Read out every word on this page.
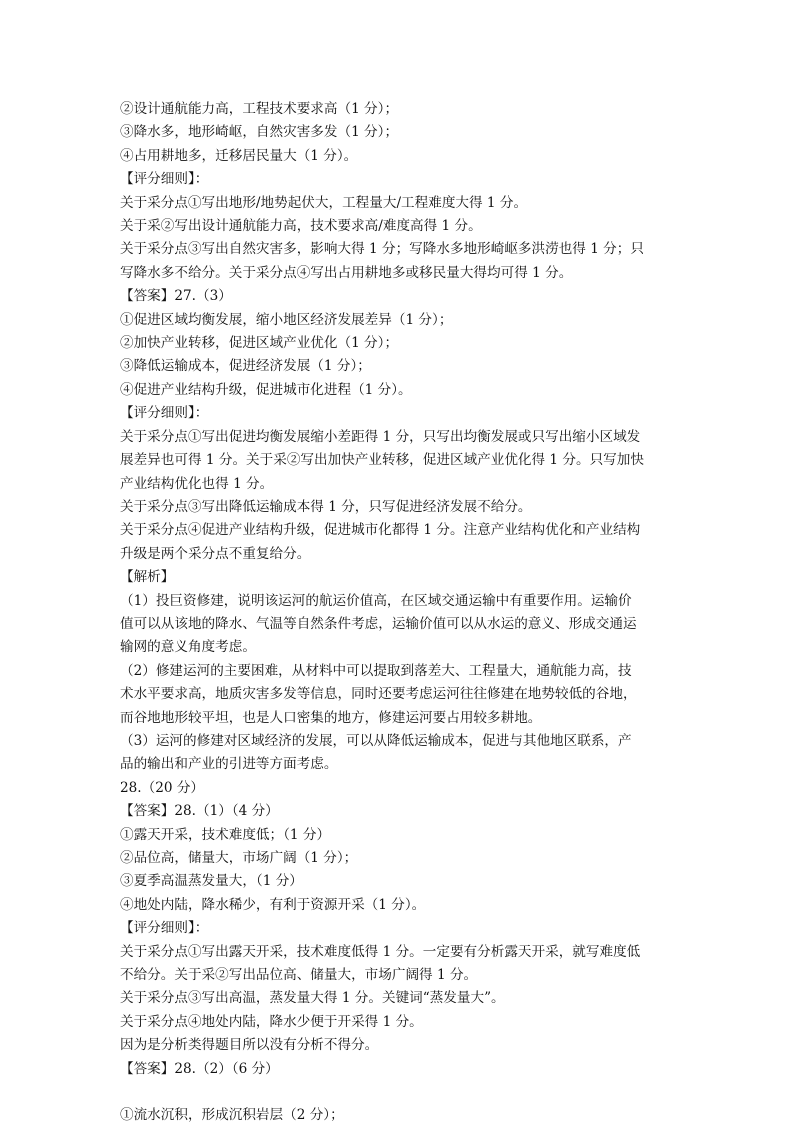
②设计通航能力高，工程技术要求高（1 分）；
③降水多，地形崎岖，自然灾害多发（1 分）；
④占用耕地多，迁移居民量大（1 分）。
【评分细则】：
关于采分点①写出地形/地势起伏大，工程量大/工程难度大得 1 分。
关于采②写出设计通航能力高，技术要求高/难度高得 1 分。
关于采分点③写出自然灾害多，影响大得 1 分；写降水多地形崎岖多洪涝也得 1 分；只
写降水多不给分。关于采分点④写出占用耕地多或移民量大得均可得 1 分。
【答案】27.（3）
①促进区域均衡发展，缩小地区经济发展差异（1 分）；
②加快产业转移，促进区域产业优化（1 分）；
③降低运输成本，促进经济发展（1 分）；
④促进产业结构升级，促进城市化进程（1 分）。
【评分细则】：
关于采分点①写出促进均衡发展缩小差距得 1 分，只写出均衡发展或只写出缩小区域发
展差异也可得 1 分。关于采②写出加快产业转移，促进区域产业优化得 1 分。只写加快
产业结构优化也得 1 分。
关于采分点③写出降低运输成本得 1 分，只写促进经济发展不给分。
关于采分点④促进产业结构升级，促进城市化都得 1 分。注意产业结构优化和产业结构
升级是两个采分点不重复给分。
【解析】
（1）投巨资修建，说明该运河的航运价值高，在区域交通运输中有重要作用。运输价
值可以从该地的降水、气温等自然条件考虑，运输价值可以从水运的意义、形成交通运
输网的意义角度考虑。
（2）修建运河的主要困难，从材料中可以提取到落差大、工程量大，通航能力高，技
术水平要求高，地质灾害多发等信息，同时还要考虑运河往往修建在地势较低的谷地，
而谷地地形较平坦，也是人口密集的地方，修建运河要占用较多耕地。
（3）运河的修建对区域经济的发展，可以从降低运输成本，促进与其他地区联系，产
品的输出和产业的引进等方面考虑。
28.（20 分）
【答案】28.（1）（4 分）
①露天开采，技术难度低；（1 分）
②品位高，储量大，市场广阔（1 分）；
③夏季高温蒸发量大，（1 分）
④地处内陆，降水稀少，有利于资源开采（1 分）。
【评分细则】：
关于采分点①写出露天开采，技术难度低得 1 分。一定要有分析露天开采，就写难度低
不给分。关于采②写出品位高、储量大，市场广阔得 1 分。
关于采分点③写出高温，蒸发量大得 1 分。关键词“蒸发量大”。
关于采分点④地处内陆，降水少便于开采得 1 分。
因为是分析类得题目所以没有分析不得分。
【答案】28.（2）（6 分）
①流水沉积，形成沉积岩层（2 分）；
